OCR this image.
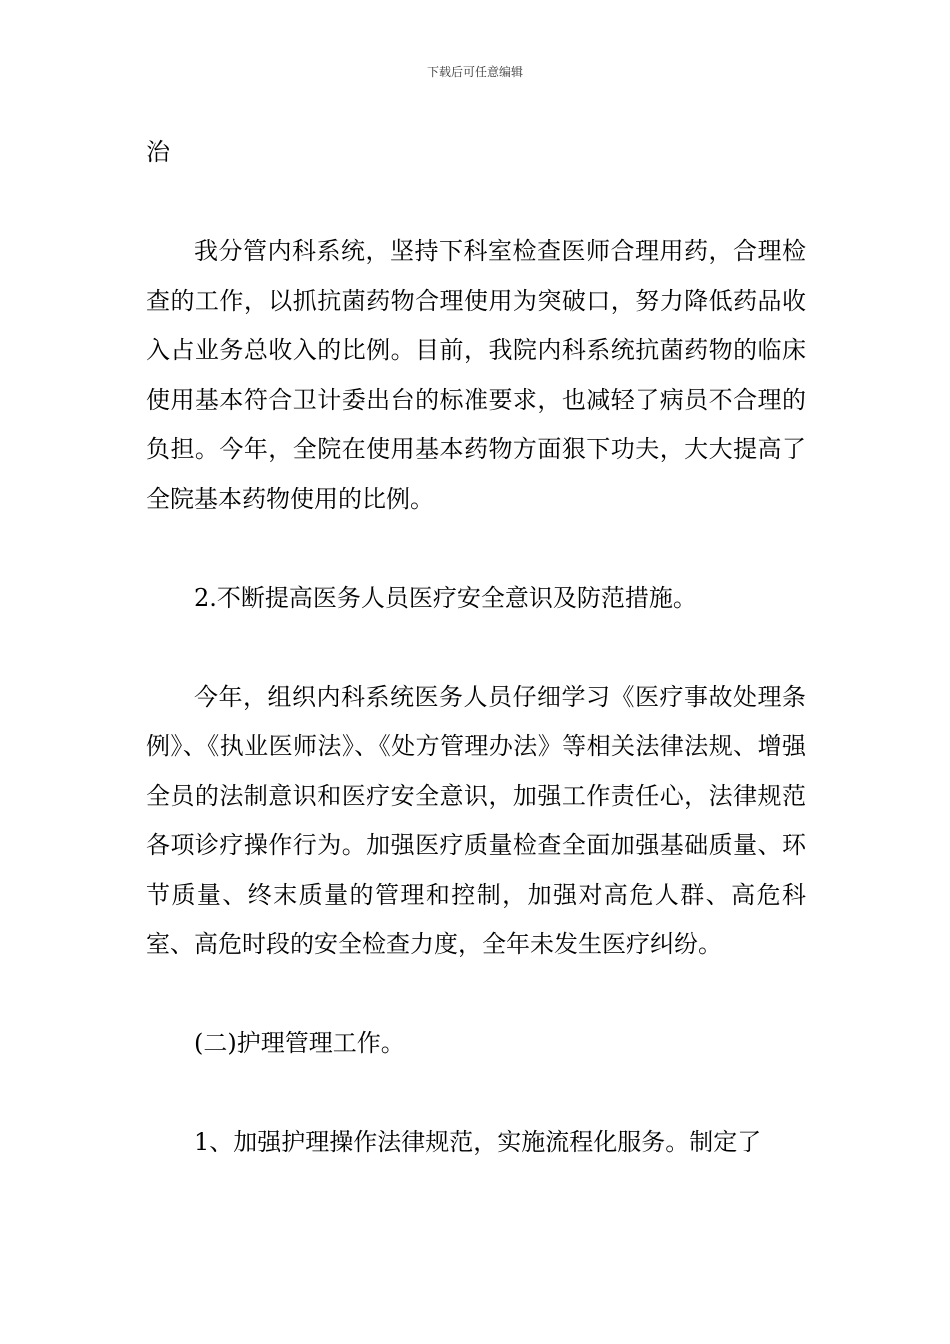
下载后可任意编辑

治

我分管内科系统，坚持下科室检查医师合理用药，合理检查的工作，以抓抗菌药物合理使用为突破口，努力降低药品收入占业务总收入的比例。目前，我院内科系统抗菌药物的临床使用基本符合卫计委出台的标准要求，也减轻了病员不合理的负担。今年，全院在使用基本药物方面狠下功夫，大大提高了全院基本药物使用的比例。

2.不断提高医务人员医疗安全意识及防范措施。

今年，组织内科系统医务人员仔细学习《医疗事故处理条例》、《执业医师法》、《处方管理办法》等相关法律法规、增强全员的法制意识和医疗安全意识，加强工作责任心，法律规范各项诊疗操作行为。加强医疗质量检查全面加强基础质量、环节质量、终末质量的管理和控制，加强对高危人群、高危科室、高危时段的安全检查力度，全年未发生医疗纠纷。

(二)护理管理工作。

1、加强护理操作法律规范，实施流程化服务。制定了
